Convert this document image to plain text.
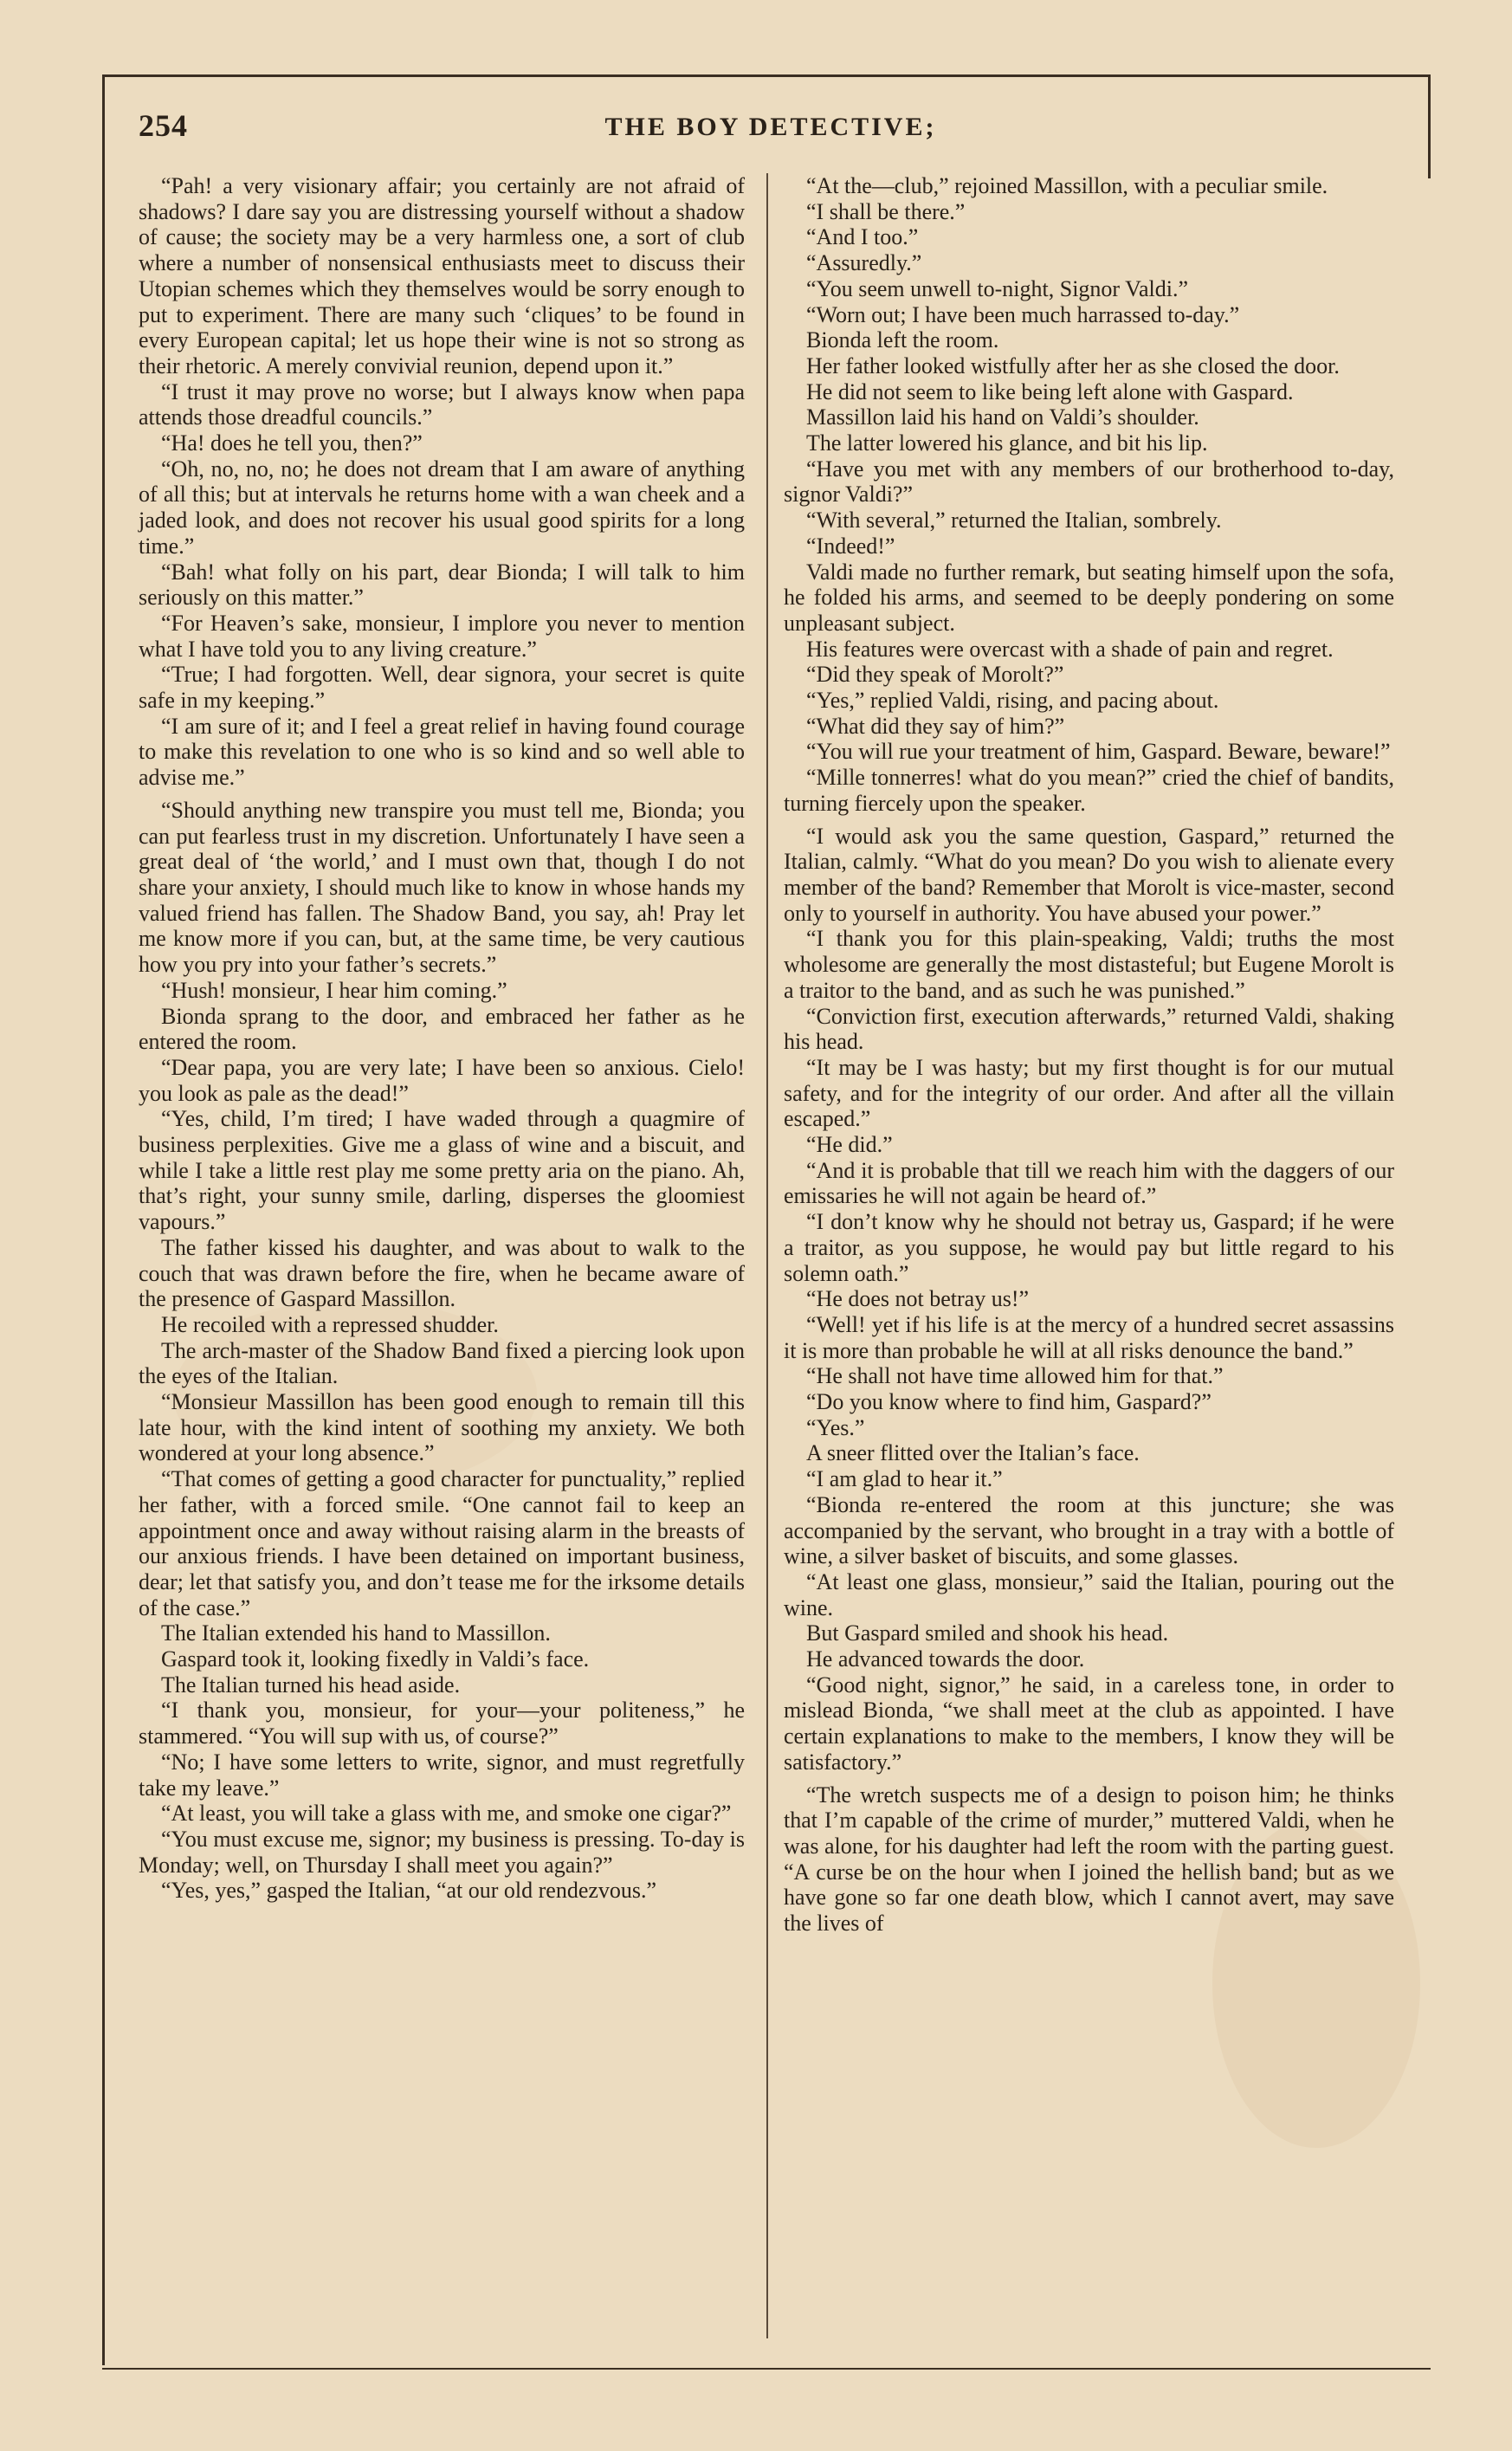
254	THE BOY DETECTIVE;

“Pah! a very visionary affair; you certainly are not afraid of shadows? I dare say you are distressing yourself without a shadow of cause; the society may be a very harmless one, a sort of club where a number of nonsensical enthusiasts meet to discuss their Utopian schemes which they themselves would be sorry enough to put to experiment. There are many such ‘cliques’ to be found in every European capital; let us hope their wine is not so strong as their rhetoric. A merely convivial reunion, depend upon it.”

“I trust it may prove no worse; but I always know when papa attends those dreadful councils.”

“Ha! does he tell you, then?”

“Oh, no, no, no; he does not dream that I am aware of anything of all this; but at intervals he returns home with a wan cheek and a jaded look, and does not recover his usual good spirits for a long time.”

“Bah! what folly on his part, dear Bionda; I will talk to him seriously on this matter.”

“For Heaven’s sake, monsieur, I implore you never to mention what I have told you to any living creature.”

“True; I had forgotten. Well, dear signora, your secret is quite safe in my keeping.”

“I am sure of it; and I feel a great relief in having found courage to make this revelation to one who is so kind and so well able to advise me.”

“Should anything new transpire you must tell me, Bionda; you can put fearless trust in my discretion. Unfortunately I have seen a great deal of ‘the world,’ and I must own that, though I do not share your anxiety, I should much like to know in whose hands my valued friend has fallen. The Shadow Band, you say, ah! Pray let me know more if you can, but, at the same time, be very cautious how you pry into your father’s secrets.”

“Hush! monsieur, I hear him coming.”

Bionda sprang to the door, and embraced her father as he entered the room.

“Dear papa, you are very late; I have been so anxious. Cielo! you look as pale as the dead!”

“Yes, child, I’m tired; I have waded through a quagmire of business perplexities. Give me a glass of wine and a biscuit, and while I take a little rest play me some pretty aria on the piano. Ah, that’s right, your sunny smile, darling, disperses the gloomiest vapours.”

The father kissed his daughter, and was about to walk to the couch that was drawn before the fire, when he became aware of the presence of Gaspard Massillon.

He recoiled with a repressed shudder.

The arch-master of the Shadow Band fixed a piercing look upon the eyes of the Italian.

“Monsieur Massillon has been good enough to remain till this late hour, with the kind intent of soothing my anxiety. We both wondered at your long absence.”

“That comes of getting a good character for punctuality,” replied her father, with a forced smile. “One cannot fail to keep an appointment once and away without raising alarm in the breasts of our anxious friends. I have been detained on important business, dear; let that satisfy you, and don’t tease me for the irksome details of the case.”

The Italian extended his hand to Massillon.

Gaspard took it, looking fixedly in Valdi’s face.

The Italian turned his head aside.

“I thank you, monsieur, for your—your politeness,” he stammered. “You will sup with us, of course?”

“No; I have some letters to write, signor, and must regretfully take my leave.”

“At least, you will take a glass with me, and smoke one cigar?”

“You must excuse me, signor; my business is pressing. To-day is Monday; well, on Thursday I shall meet you again?”

“Yes, yes,” gasped the Italian, “at our old rendezvous.”

“At the—club,” rejoined Massillon, with a peculiar smile.

“I shall be there.”

“And I too.”

“Assuredly.”

“You seem unwell to-night, Signor Valdi.”

“Worn out; I have been much harrassed to-day.”

Bionda left the room.

Her father looked wistfully after her as she closed the door.

He did not seem to like being left alone with Gaspard.

Massillon laid his hand on Valdi’s shoulder.

The latter lowered his glance, and bit his lip.

“Have you met with any members of our brotherhood to-day, signor Valdi?”

“With several,” returned the Italian, sombrely.

“Indeed!”

Valdi made no further remark, but seating himself upon the sofa, he folded his arms, and seemed to be deeply pondering on some unpleasant subject.

His features were overcast with a shade of pain and regret.

“Did they speak of Morolt?”

“Yes,” replied Valdi, rising, and pacing about.

“What did they say of him?”

“You will rue your treatment of him, Gaspard. Beware, beware!”

“Mille tonnerres! what do you mean?” cried the chief of bandits, turning fiercely upon the speaker.

“I would ask you the same question, Gaspard,” returned the Italian, calmly. “What do you mean? Do you wish to alienate every member of the band? Remember that Morolt is vice-master, second only to yourself in authority. You have abused your power.”

“I thank you for this plain-speaking, Valdi; truths the most wholesome are generally the most distasteful; but Eugene Morolt is a traitor to the band, and as such he was punished.”

“Conviction first, execution afterwards,” returned Valdi, shaking his head.

“It may be I was hasty; but my first thought is for our mutual safety, and for the integrity of our order. And after all the villain escaped.”

“He did.”

“And it is probable that till we reach him with the daggers of our emissaries he will not again be heard of.”

“I don’t know why he should not betray us, Gaspard; if he were a traitor, as you suppose, he would pay but little regard to his solemn oath.”

“He does not betray us!”

“Well! yet if his life is at the mercy of a hundred secret assassins it is more than probable he will at all risks denounce the band.”

“He shall not have time allowed him for that.”

“Do you know where to find him, Gaspard?”

“Yes.”

A sneer flitted over the Italian’s face.

“I am glad to hear it.”

“Bionda re-entered the room at this juncture; she was accompanied by the servant, who brought in a tray with a bottle of wine, a silver basket of biscuits, and some glasses.

“At least one glass, monsieur,” said the Italian, pouring out the wine.

But Gaspard smiled and shook his head.

He advanced towards the door.

“Good night, signor,” he said, in a careless tone, in order to mislead Bionda, “we shall meet at the club as appointed. I have certain explanations to make to the members, I know they will be satisfactory.”

“The wretch suspects me of a design to poison him; he thinks that I’m capable of the crime of murder,” muttered Valdi, when he was alone, for his daughter had left the room with the parting guest. “A curse be on the hour when I joined the hellish band; but as we have gone so far one death blow, which I cannot avert, may save the lives of
